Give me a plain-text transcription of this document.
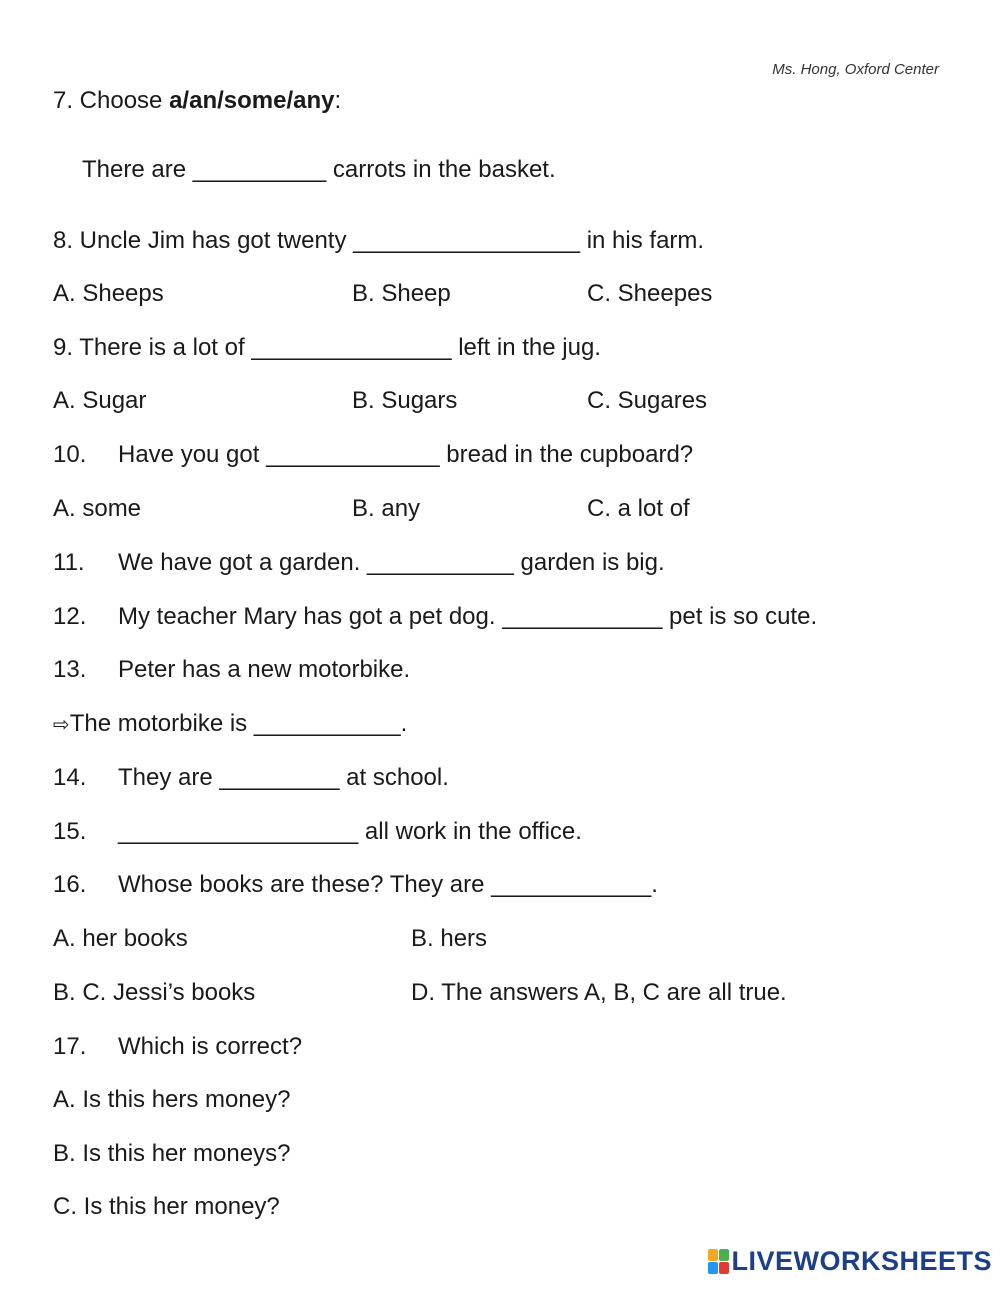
Ms. Hong, Oxford Center
7. Choose a/an/some/any:
There are __________ carrots in the basket.
8. Uncle Jim has got twenty _________________ in his farm.
A. Sheeps	B. Sheep	C. Sheepes
9. There is a lot of _______________ left in the jug.
A. Sugar	B. Sugars	C. Sugares
10. Have you got _____________ bread in the cupboard?
A. some	B. any	C. a lot of
11. We have got a garden. ___________ garden is big.
12. My teacher Mary has got a pet dog. ____________ pet is so cute.
13. Peter has a new motorbike.
⇨The motorbike is ___________.
14. They are _________ at school.
15. __________________ all work in the office.
16. Whose books are these? They are ____________.
A. her books	B. hers
B. C. Jessi’s books	D. The answers A, B, C are all true.
17. Which is correct?
A. Is this hers money?
B. Is this her moneys?
C. Is this her money?
LIVEWORKSHEETS
